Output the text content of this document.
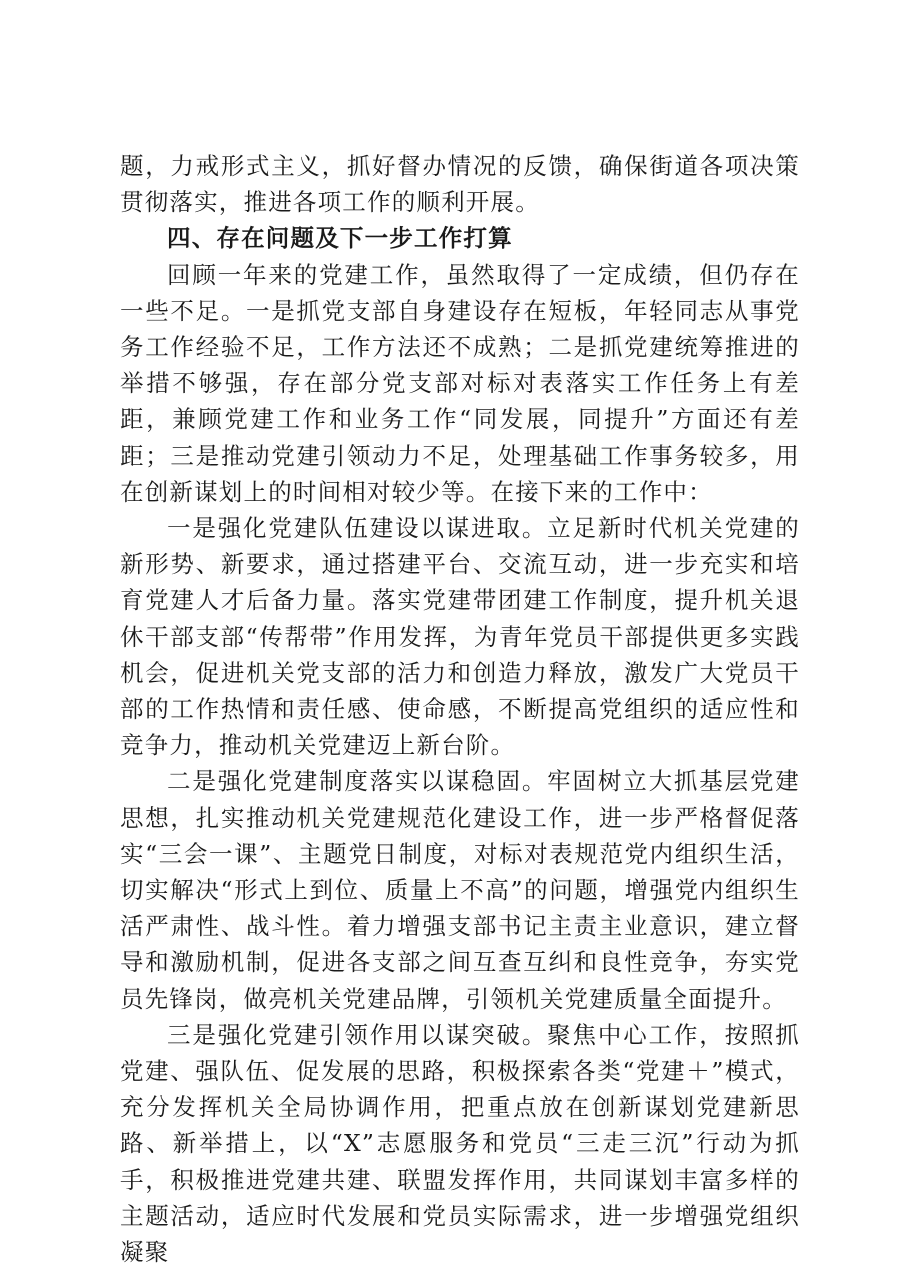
题，力戒形式主义，抓好督办情况的反馈，确保街道各项决策贯彻落实，推进各项工作的顺利开展。

四、存在问题及下一步工作打算

回顾一年来的党建工作，虽然取得了一定成绩，但仍存在一些不足。一是抓党支部自身建设存在短板，年轻同志从事党务工作经验不足，工作方法还不成熟；二是抓党建统筹推进的举措不够强，存在部分党支部对标对表落实工作任务上有差距，兼顾党建工作和业务工作“同发展，同提升”方面还有差距；三是推动党建引领动力不足，处理基础工作事务较多，用在创新谋划上的时间相对较少等。在接下来的工作中：

一是强化党建队伍建设以谋进取。立足新时代机关党建的新形势、新要求，通过搭建平台、交流互动，进一步充实和培育党建人才后备力量。落实党建带团建工作制度，提升机关退休干部支部“传帮带”作用发挥，为青年党员干部提供更多实践机会，促进机关党支部的活力和创造力释放，激发广大党员干部的工作热情和责任感、使命感，不断提高党组织的适应性和竞争力，推动机关党建迈上新台阶。

二是强化党建制度落实以谋稳固。牢固树立大抓基层党建思想，扎实推动机关党建规范化建设工作，进一步严格督促落实“三会一课”、主题党日制度，对标对表规范党内组织生活，切实解决“形式上到位、质量上不高”的问题，增强党内组织生活严肃性、战斗性。着力增强支部书记主责主业意识，建立督导和激励机制，促进各支部之间互查互纠和良性竞争，夯实党员先锋岗，做亮机关党建品牌，引领机关党建质量全面提升。

三是强化党建引领作用以谋突破。聚焦中心工作，按照抓党建、强队伍、促发展的思路，积极探索各类“党建＋”模式，充分发挥机关全局协调作用，把重点放在创新谋划党建新思路、新举措上，以“X”志愿服务和党员“三走三沉”行动为抓手，积极推进党建共建、联盟发挥作用，共同谋划丰富多样的主题活动，适应时代发展和党员实际需求，进一步增强党组织凝聚
